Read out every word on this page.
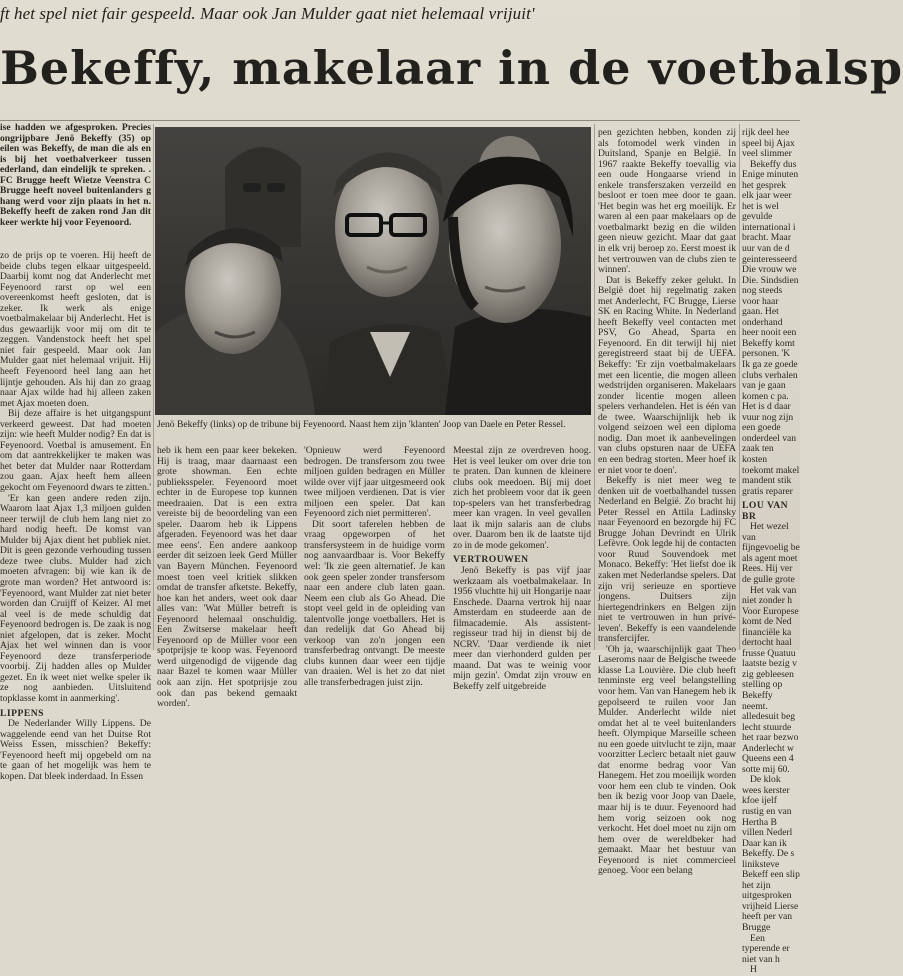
ft het spel niet fair gespeeld. Maar ook Jan Mulder gaat niet helemaal vrijuit'
Bekeffy, makelaar in de voetbalsp

ise hadden we afgesproken. Precies ongrijpbare Jenö Bekeffy (35) op eilen was Bekeffy, de man die als en is bij het voetbalverkeer tussen ederland, dan eindelijk te spreken. . FC Brugge heeft Wietze Veenstra C Brugge heeft noveel buitenlanders g hang werd voor zijn plaats in het n. Bekeffy heeft de zaken rond Jan dit keer werkte hij voor Feyenoord.

zo de prijs op te voeren. Hij heeft de beide clubs tegen elkaar uitgespeeld. Daarbij komt nog dat Anderlecht met Feyenoord rarst op wel een overeenkomst heeft gesloten, dat is zeker. Ik werk als enige voetbalmakelaar bij Anderlecht. Het is dus gewaarlijk voor mij om dit te zeggen. Vandenstock heeft het spel niet fair gespeeld. Maar ook Jan Mulder gaat niet helemaal vrijuit. Hij heeft Feyenoord heel lang aan het lijntje gehouden. Als hij dan zo graag naar Ajax wilde had hij alleen zaken met Ajax moeten doen.

Bij deze affaire is het uitgangspunt verkeerd geweest. Dat had moeten zijn: wie heeft Mulder nodig? En dat is Feyenoord. Voetbal is amusement. En om dat aantrekkelijker te maken was het beter dat Mulder naar Rotterdam zou gaan. Ajax heeft hem alleen gekocht om Feyenoord dwars te zitten.'

'Er kan geen andere reden zijn. Waarom laat Ajax 1,3 miljoen gulden neer terwijl de club hem lang niet zo hard nodig heeft. De komst van Mulder bij Ajax dient het publiek niet. Dit is geen gezonde verhouding tussen deze twee clubs. Mulder had zich moeten afvragen: bij wie kan ik de grote man worden? Het antwoord is: 'Feyenoord, want Mulder zat niet beter worden dan Cruijff of Keizer. Al met al veel is de mede schuldig dat Feyenoord bedrogen is. De zaak is nog niet afgelopen, dat is zeker. Mocht Ajax het wel winnen dan is voor Feyenoord deze transferperiode voorbij. Zij hadden alles op Mulder gezet. En ik weet niet welke speler ik ze nog aanbieden. Uitsluitend topklasse komt in aanmerking'.

LIPPENS

De Nederlander Willy Lippens. De waggelende eend van het Duitse Rot Weiss Essen, misschien? Bekeffy: 'Feyenoord heeft mij opgebeld om na te gaan of het mogelijk was hem te kopen. Dat bleek inderdaad. In Essen

Jenö Bekeffy (links) op de tribune bij Feyenoord. Naast hem zijn 'klanten' Joop van Daele en Peter Ressel.

heb ik hem een paar keer bekeken. Hij is traag, maar daarnaast een grote showman. Een echte publieksspeler. Feyenoord moet echter in de Europese top kunnen meedraaien. Dat is een extra vereiste bij de beoordeling van een speler. Daarom heb ik Lippens afgeraden. Feyenoord was het daar mee eens'. Een andere aankoop eerder dit seizoen leek Gerd Müller van Bayern München. Feyenoord moest toen veel kritiek slikken omdat de transfer afketste. Bekeffy, hoe kan het anders, weet ook daar alles van: 'Wat Müller betreft is Feyenoord helemaal onschuldig. Een Zwitserse makelaar heeft Feyenoord op de Müller voor een spotprijsje te koop was. Feyenoord werd uitgenodigd de vijgende dag naar Bazel te komen waar Müller ook aan zijn. Het spotprijsje zou ook dan pas bekend gemaakt worden'.

'Opnieuw werd Feyenoord bedrogen. De transfersom zou twee miljoen gulden bedragen en Müller wilde over vijf jaar uitgesmeerd ook twee miljoen verdienen. Dat is vier miljoen een speler. Dat kan Feyenoord zich niet permitteren'.

Dit soort taferelen hebben de vraag opgeworpen of het transfersysteem in de huidige vorm nog aanvaardbaar is. Voor Bekeffy wel: 'Ik zie geen alternatief. Je kan ook geen speler zonder transfersom naar een andere club laten gaan. Neem een club als Go Ahead. Die stopt veel geld in de opleiding van talentvolle jonge voetballers. Het is dan redelijk dat Go Ahead bij verkoop van zo'n jongen een transferbedrag ontvangt. De meeste clubs kunnen daar weer een tijdje van draaien. Wel is het zo dat niet alle transferbedragen juist zijn.

Meestal zijn ze overdreven hoog. Het is veel leuker om over drie ton te praten. Dan kunnen de kleinere clubs ook meedoen. Bij mij doet zich het probleem voor dat ik geen top-spelers van het transferbedrag meer kan vragen. In veel gevallen laat ik mijn salaris aan de clubs over. Daarom ben ik de laatste tijd zo in de mode gekomen'.

VERTROUWEN

Jenö Bekeffy is pas vijf jaar werkzaam als voetbalmakelaar. In 1956 vluchtte hij uit Hongarije naar Enschede. Daarna vertrok hij naar Amsterdam en studeerde aan de filmacademie. Als assistent-regisseur trad hij in dienst bij de NCRV. 'Daar verdiende ik niet meer dan vierhonderd gulden per maand. Dat was te weinig voor mijn gezin'. Omdat zijn vrouw en Bekeffy zelf uitgebreide

pen gezichten hebben, konden zij als fotomodel werk vinden in Duitsland, Spanje en België. In 1967 raakte Bekeffy toevallig via een oude Hongaarse vriend in enkele transferszaken verzeild en besloot er toen mee door te gaan. 'Het begin was het erg moeilijk. Er waren al een paar makelaars op de voetbalmarkt bezig en die wilden geen nieuw gezicht. Maar dat gaat in elk vrij beroep zo. Eerst moest ik het vertrouwen van de clubs zien te winnen'.

Dat is Bekeffy zeker gelukt. In België doet hij regelmatig zaken met Anderlecht, FC Brugge, Lierse SK en Racing White. In Nederland heeft Bekeffy veel contacten met PSV, Go Ahead, Sparta en Feyenoord. En dit terwijl hij niet geregistreerd staat bij de UEFA. Bekeffy: 'Er zijn voetbalmakelaars met een licentie, die mogen alleen wedstrijden organiseren. Makelaars zonder licentie mogen alleen spelers verhandelen. Het is één van de twee. Waarschijnlijk heb ik volgend seizoen wel een diploma nodig. Dan moet ik aanbevelingen van clubs opsturen naar de UEFA en een bedrag storten. Meer hoef ik er niet voor te doen'.

Bekeffy is niet meer weg te denken uit de voetbalhandel tussen Nederland en België. Zo bracht hij Peter Ressel en Attila Ladinsky naar Feyenoord en bezorgde hij FC Brugge Johan Devrindt en Ulrik Lefèvre. Ook legde hij de contacten voor Ruud Souvendoek met Monaco. Bekeffy: 'Het liefst doe ik zaken met Nederlandse spelers. Dat zijn vrij serieuze en sportieve jongens. Duitsers zijn hiertegendrinkers en Belgen zijn niet te vertrouwen in hun privé-leven'. Bekeffy is een vaandelende transfercijfer.

'Oh ja, waarschijnlijk gaat Theo Laseroms naar de Belgische tweede klasse La Louvière. Die club heeft tenminste erg veel belangstelling voor hem. Van van Hanegem heb ik gepolseerd te ruilen voor Jan Mulder. Anderlecht wilde niet omdat het al te veel buitenlanders heeft. Olympique Marseille scheen nu een goede uitvlucht te zijn, maar voorzitter Leclerc betaalt niet gauw dat enorme bedrag voor Van Hanegem. Het zou moeilijk worden voor hem een club te vinden. Ook ben ik bezig voor Joop van Daele, maar hij is te duur. Feyenoord had hem vorig seizoen ook nog verkocht. Het doel moet nu zijn om hem over de wereldbeker had gemaakt. Maar het bestuur van Feyenoord is niet commercieel genoeg. Voor een belang

rijk deel hee speel bij Ajax veel slimmer

Bekeffy dus Enige minuten het gesprek elk jaar weer het is wel gevulde international i bracht. Maar uur van de d geinteresseerd Die vrouw we Die. Sindsdien nog steeds voor haar gaan. Het onderhand heer nooit een Bekeffy komt personen. 'K Ik ga ze goede clubs verhalen van je gaan komen c pa. Het is d daar vuur nog zijn een goede onderdeel van zaak ten kosten toekomt makel mandent stik gratis reparer

LOU VAN BR

Het wezel van fijngevoelig be als agent moet Rees. Hij ver de gulle grote

Het vak van niet zonder h Voor Europese komt de Ned financiële ka dertocht haal frusse Quatuu laatste bezig v zig gebleesen stelling op Bekeffy neemt. alledesuit beg lecht stuurde het raar bezwo Anderlecht w Queens een 4 sotte mij 60.

De klok wees kerster kfoe ijelf rustig en van Hertha B villen Nederl Daar kan ik Bekeffy. De s liniksteve Bekeff een slip het zijn uitgesproken vrijheid Lierse heeft per van Brugge

Een typerende er niet van h

H
